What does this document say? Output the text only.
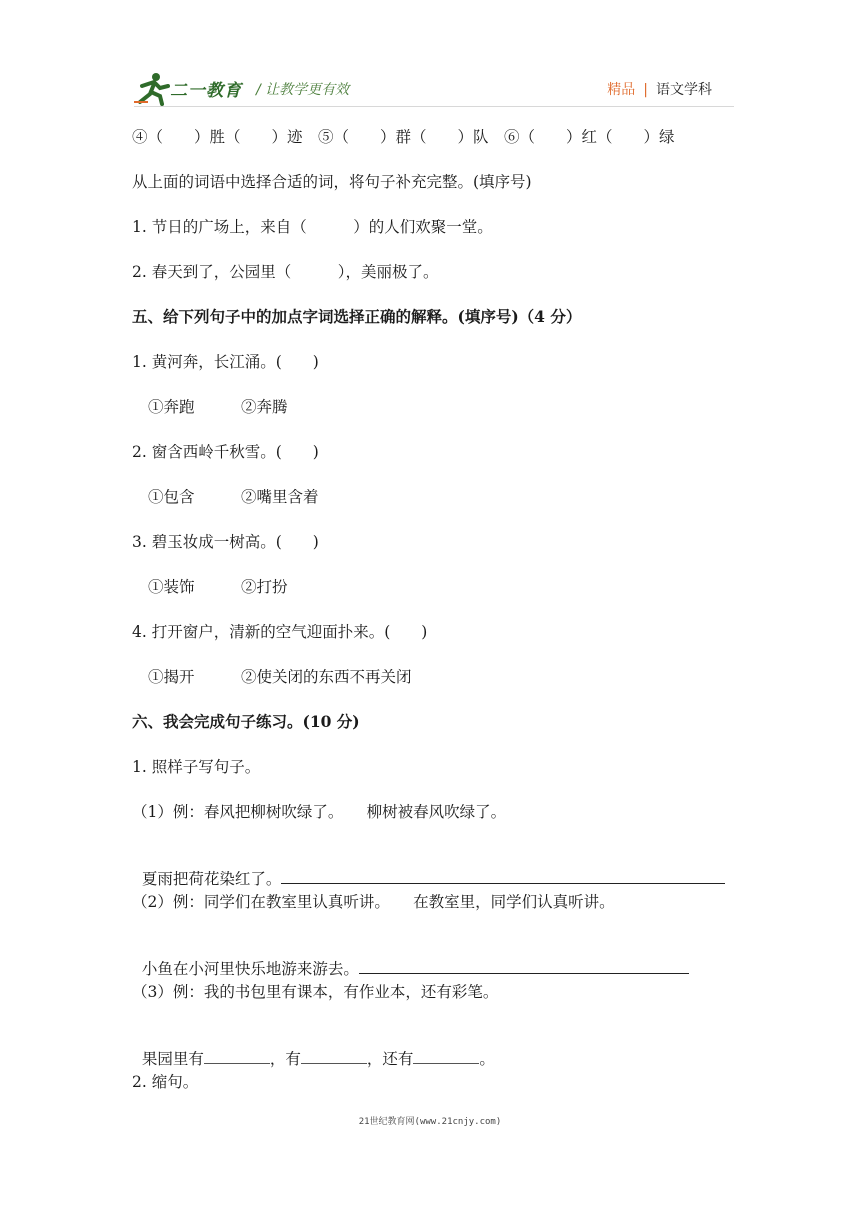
二一教育 / 让教学更有效	精品 | 语文学科
④（　　）胜（　　）迹　⑤（　　）群（　　）队　⑥（　　）红（　　）绿
从上面的词语中选择合适的词，将句子补充完整。(填序号)
1. 节日的广场上，来自（　　　）的人们欢聚一堂。
2. 春天到了，公园里（　　　），美丽极了。
五、给下列句子中的加点字词选择正确的解释。(填序号)（4 分）
1. 黄河奔，长江涌。(　　)
①奔跑　　　②奔腾
2. 窗含西岭千秋雪。(　　)
①包含　　　②嘴里含着
3. 碧玉妆成一树高。(　　)
①装饰　　　②打扮
4. 打开窗户，清新的空气迎面扑来。(　　)
①揭开　　　②使关闭的东西不再关闭
六、我会完成句子练习。(10 分)
1. 照样子写句子。
（1）例：春风把柳树吹绿了。　　柳树被春风吹绿了。

夏雨把荷花染红了。

（2）例：同学们在教室里认真听讲。　　在教室里，同学们认真听讲。

小鱼在小河里快乐地游来游去。

（3）例：我的书包里有课本，有作业本，还有彩笔。

果园里有	，有	，还有	。

2. 缩句。
21世纪教育网(www.21cnjy.com)
